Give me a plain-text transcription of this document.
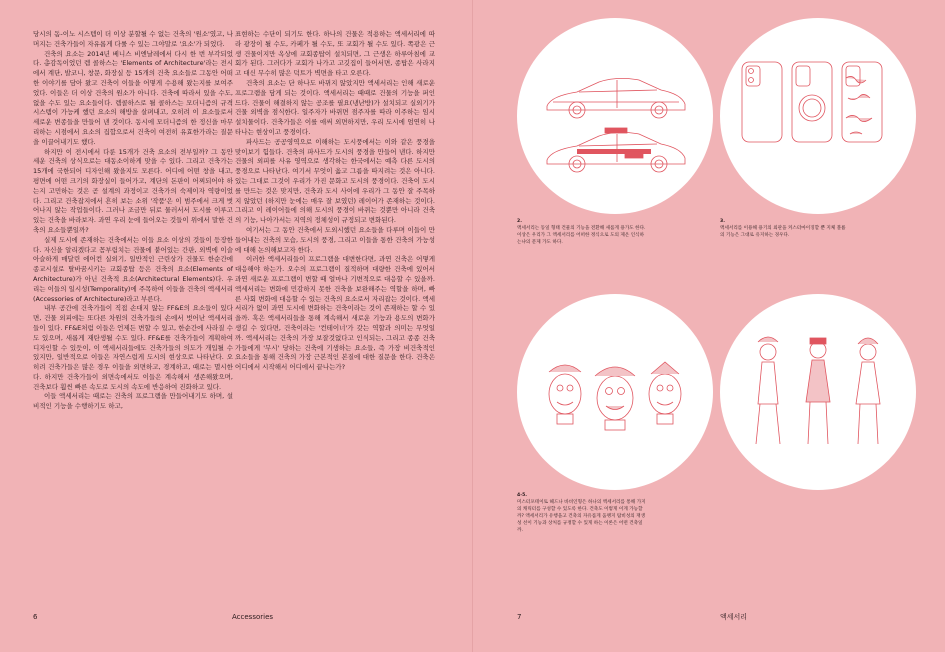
당시의 돔-이노 시스템이 더 이상 분할될 수 없는 건축의 '원소'였고, 나머지는 건축가들이 자유롭게 다룰 수 있는 그야말로 '요소'가 되었다.

건축의 요소는 2014년 베니스 비엔날레에서 다시 한 번 부각되었다. 총감독이었던 렘 콜하스는 'Elements of Architecture'라는 전시에서 계단, 발코니, 창문, 화장실 등 15개의 건축 요소들로 그동안 어떠한 이야기를 담아 왔고 건축이 이들을 어떻게 수용해 왔는지를 보여주었다. 이들은 더 이상 건축의 원소가 아니다. 건축에 따라서 있을 수도, 없을 수도 있는 요소들이다. 렘콜하스로 될 콜하스는 모더니즘의 규격 시스템이 가능케 했던 요소의 해방을 살펴내고, 오히려 이 요소들로서 세로운 변종들을 만들어 낸 것이다. 동시에 모더니즘의 한 정신을 마무리하는 시점에서 요소의 집합으로서 건축이 여전히 유효한가라는 질문을 이끌어내기도 했다.

하지만 이 전시에서 다룬 15개가 건축 요소의 전부일까? 그 동안 세운 건축의 상식으로는 대동소이하게 맞을 수 있다. 그리고 건축가는 15개에 국한되어 디자인해 왔을지도 모른다. 어디에 어떤 창을 내고, 평면에 어떤 크기의 화장실이 들어가고, 계단의 돈판이 어찌되어야 하는지 고민하는 것은 곧 설계의 과정이고 건축가의 숙제이자 역량이었다. 그리고 건축잡지에서 흔히 보는 소위 '작품'은 이 범주에서 크게 벗어나지 않는 작업들이다. 그러나 조금만 뒤로 물러서서 도시를 이루고 있는 건축을 바라보자. 과연 우리 눈에 들어오는 것들이 위에서 말한 건축의 요소들뿐일까?

실제 도시에 존재하는 건축에서는 이들 요소 이상의 것들이 등장한다. 자신을 알리겠다고 꼼부림치는 건물에 붙어있는 간판, 외벽에 이슬아슬하게 매달린 에어컨 실외기, 일반적인 근린상가 건물도 한순간에 종교시설로 탈바꿈시키는 교회종탑 등은 건축의 요소(Elements of Architecture)가 아닌 건축적 요소(Architectural Elements)다. 우리는 이들의 일시성(Temporality)에 주목하여 이들을 건축의 액세서리(Accessories of Architecture)라고 부른다.

내부 공간에 건축가들이 직접 손대지 않는 FF&E의 요소들이 있다면, 건물 외피에는 또다른 차원의 건축가들의 손에서 벗어난 액세서리들이 있다. FF&E처럼 이들은 언제든 변할 수 있고, 한순간에 사라질 수도 있으며, 새롭게 재탄생될 수도 있다. FF&E를 건축가들이 계획하여 디자인할 수 있듯이, 이 액세서리들에도 건축가들의 의도가 개입될 수 있지만, 일반적으로 이들은 자연스럽게 도시의 현상으로 나타난다. 오히려 건축가들은 많은 경우 이들을 외면하고, 경계하고, 때로는 멸시한다. 하지만 건축가들이 외면속에서도 이들은 계속해서 생존해왔으며, 건축보다 훨씬 빠른 속도로 도시의 속도에 반응하여 진화하고 있다.

이들 액세서리는 때로는 건축의 프로그램을 만들어내기도 하며, 설비적인 기능을 수행하기도 하고,

표현하는 수단이 되기도 한다. 하나의 건물은 적용하는 액세서리에 따라 광장이 될 수도, 카페가 될 수도, 또 교회가 될 수도 있다. 쪽광은 근생 건물이지만 옥상에 교회종탑이 설치되면, 그 근생은 하루아침에 교회가 된다. 그러다가 교회가 나가고 고깃집이 들어서면, 종탑은 사라지고 대신 무수히 많은 덕트가 벽면을 타고 오른다.

건축의 요소는 단 하나도 바뀌지 않았지만 액세서리는 인해 새로운 프로그램을 담게 되는 것이다. 액세서리는 때때로 건물의 기능을 퍼인드다. 건물이 해결하지 않는 공조를 필요(냉난방)가 설치되고 실외기가 건물 외벽을 점식한다. 일주자가 바뀌면 점주자를 따라 이주하는 임시 설치물이다. 건축가들은 이를 애써 외면하지만, 우리 도시에 엄연히 나타나는 현상이고 풍경이다.

파사드는 공공영역으로 이해하는 도시풍에서는 이와 같은 풍경을 맞이보기 힘들다. 건축의 파사드가 도시의 풍경을 만들어 낸다. 하지만 건물의 외피를 사유 영역으로 생각하는 한국에서는 예측 다른 도시의 풍경으로 나타난다. 여기서 무엇이 옳고 그름을 따지려는 것은 아니다. 있는 그대로 그것이 우리가 가진 문화고 도시의 풍경이다. 건축이 도시를 만드는 것은 맞지만, 건축과 도시 사이에 우리가 그 동안 잘 주목하지 않았던 (하지만 눈에는 매우 잘 보였던) 레이어가 존재하는 것이다. 그리고 이 레이어들에 의해 도시의 풍경이 바뀌는 것뿐만 아니라 건축의 기능, 나아가서는 지역의 정체성이 규정되고 변화된다.

여기서는 그 동안 건축에서 도외시했던 요소들을 다루며 이들이 만들어내는 건축의 모습, 도시의 풍경, 그리고 이들을 통한 건축의 가능성에 대해 논의해보고자 한다.

이러한 액세서리들이 프로그램을 대변한다면, 과연 건축은 어떻게 대응해야 하는가. 오수의 프로그램이 질적하며 대량한 건축에 있어서 과연 새로운 프로그램이 변할 때 얼마나 기변적으로 대응할 수 있을까. 액세서리는 변화에 민감하지 못한 건축을 보완해주는 역할을 하며, 빠른 사회 변화에 대응할 수 있는 건축의 요소로서 자리잡는 것이다. 액세서리가 없이 과연 도시에 변화하는 건축이라는 것이 존재하는 할 수 있을까. 혹은 액세서리들을 통해 계속해서 새로운 기능과 용도의 변화가 생길 수 있다면, 건축이라는 '컨테이너'가 갖는 역할과 의미는 무엇일까. 액세서리는 건축의 가장 보잘것없다고 인식되는, 그리고 종종 건축가들에게 '무시' 당하는 건축에 기생하는 요소들, 즉 가장 비건축적인 요소들을 통해 건축의 가장 근본적인 본질에 대한 질문을 한다. 건축은 어디에서 시작해서 어디에서 끝나는가?

6	Accessories
2.
액세서리는 동일 형태 건물의 기능을 전환해 새롭게 용가도 한다. 이상은 우리가 그 액세서리를 어떠한 정식으로 도의 제온 인식하는냐의 문제 가도 하다.
3.
액세서리를 이용해 용기의 외관을 커스터마이징할 뿐 지체 볼륨의 기능은 그대로 유지하는 경우다.
4-5.
미스터포테이토 헤드나 바비인형은 하나의 액세서리를 통해 가지의 캐릭터를 구성할 수 있도록 한다. 건축도 이렇게 이게 가능할까? 액세서리가 유행을고 건축의 자유롭게 움맹지 탐비성의 재생성 선이 기능과 상처를 규정할 수 있게 하는 이론은 어떤 건축일까.
7	액세서리
